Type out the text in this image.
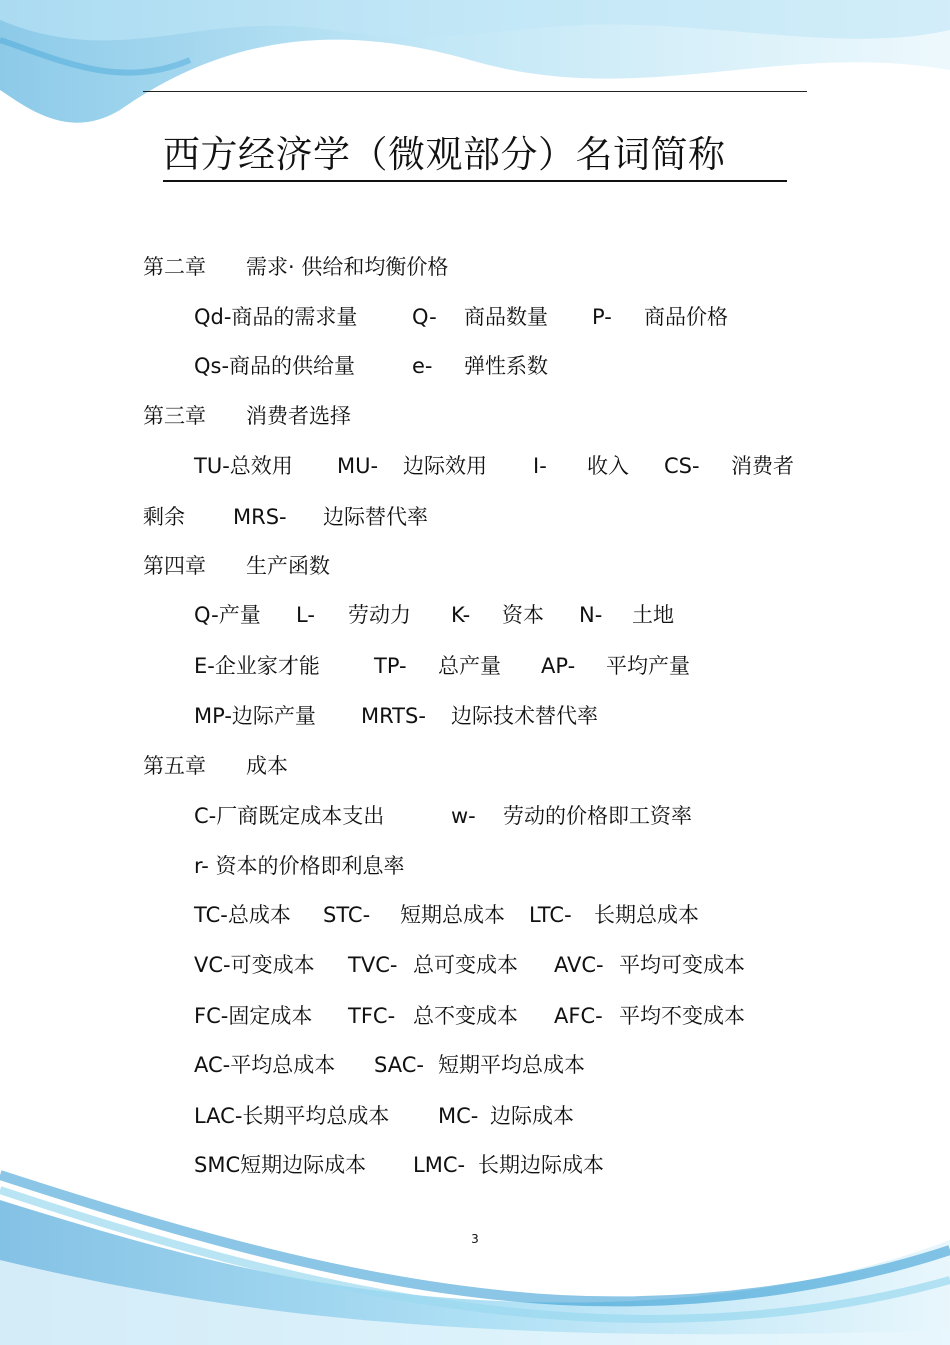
西方经济学（微观部分）名词简称
第二章 需求· 供给和均衡价格
Qd-商品的需求量	Q- 商品数量 P- 商品价格
Qs-商品的供给量	e- 弹性系数
第三章 消费者选择
TU-总效用 MU- 边际效用 I- 收入 CS- 消费者
剩余 MRS- 边际替代率
第四章 生产函数
Q-产量 L- 劳动力 K- 资本 N- 土地
E-企业家才能	TP- 总产量 AP- 平均产量
MP-边际产量 MRTS- 边际技术替代率
第五章 成本
C-厂商既定成本支出	w- 劳动的价格即工资率
r- 资本的价格即利息率
TC-总成本 STC- 短期总成本 LTC- 长期总成本
VC-可变成本 TVC- 总可变成本 AVC- 平均可变成本
FC-固定成本 TFC- 总不变成本 AFC- 平均不变成本
AC-平均总成本 SAC- 短期平均总成本
LAC-长期平均总成本 MC- 边际成本
SMC短期边际成本 LMC- 长期边际成本
3
